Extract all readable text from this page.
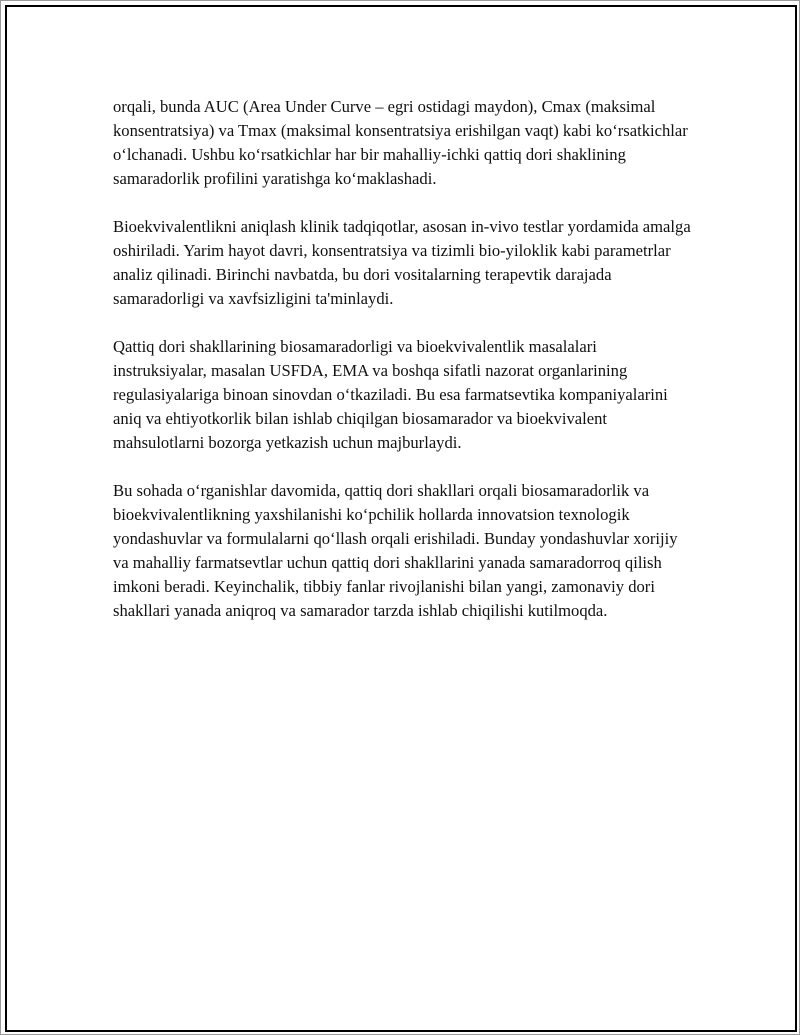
orqali, bunda AUC (Area Under Curve – egri ostidagi maydon), Cmax (maksimal konsentratsiya) va Tmax (maksimal konsentratsiya erishilgan vaqt) kabi ko‘rsatkichlar o‘lchanadi. Ushbu ko‘rsatkichlar har bir mahalliy-ichki qattiq dori shaklining samaradorlik profilini yaratishga ko‘maklashadi.

Bioekvivalentlikni aniqlash klinik tadqiqotlar, asosan in-vivo testlar yordamida amalga oshiriladi. Yarim hayot davri, konsentratsiya va tizimli bio-yiloklik kabi parametrlar analiz qilinadi. Birinchi navbatda, bu dori vositalarning terapevtik darajada samaradorligi va xavfsizligini ta'minlaydi.

Qattiq dori shakllarining biosamaradorligi va bioekvivalentlik masalalari instruksiyalar, masalan USFDA, EMA va boshqa sifatli nazorat organlarining regulasiyalariga binoan sinovdan o‘tkaziladi. Bu esa farmatsevtika kompaniyalarini aniq va ehtiyotkorlik bilan ishlab chiqilgan biosamarador va bioekvivalent mahsulotlarni bozorga yetkazish uchun majburlaydi.

Bu sohada o‘rganishlar davomida, qattiq dori shakllari orqali biosamaradorlik va bioekvivalentlikning yaxshilanishi ko‘pchilik hollarda innovatsion texnologik yondashuvlar va formulalarni qo‘llash orqali erishiladi. Bunday yondashuvlar xorijiy va mahalliy farmatsevtlar uchun qattiq dori shakllarini yanada samaradorroq qilish imkoni beradi. Keyinchalik, tibbiy fanlar rivojlanishi bilan yangi, zamonaviy dori shakllari yanada aniqroq va samarador tarzda ishlab chiqilishi kutilmoqda.
